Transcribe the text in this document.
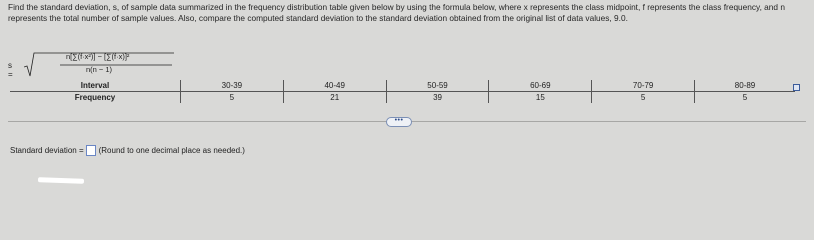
Find the standard deviation, s, of sample data summarized in the frequency distribution table given below by using the formula below, where x represents the class midpoint, f represents the class frequency, and n represents the total number of sample values. Also, compare the computed standard deviation to the standard deviation obtained from the original list of data values, 9.0.
s =
n[∑(f·x²)] − [∑(f·x)]²
n(n − 1)
Interval	30-39	40-49	50-59	60-69	70-79	80-89
Frequency	5	21	39	15	5	5
•••
Standard deviation = (Round to one decimal place as needed.)
